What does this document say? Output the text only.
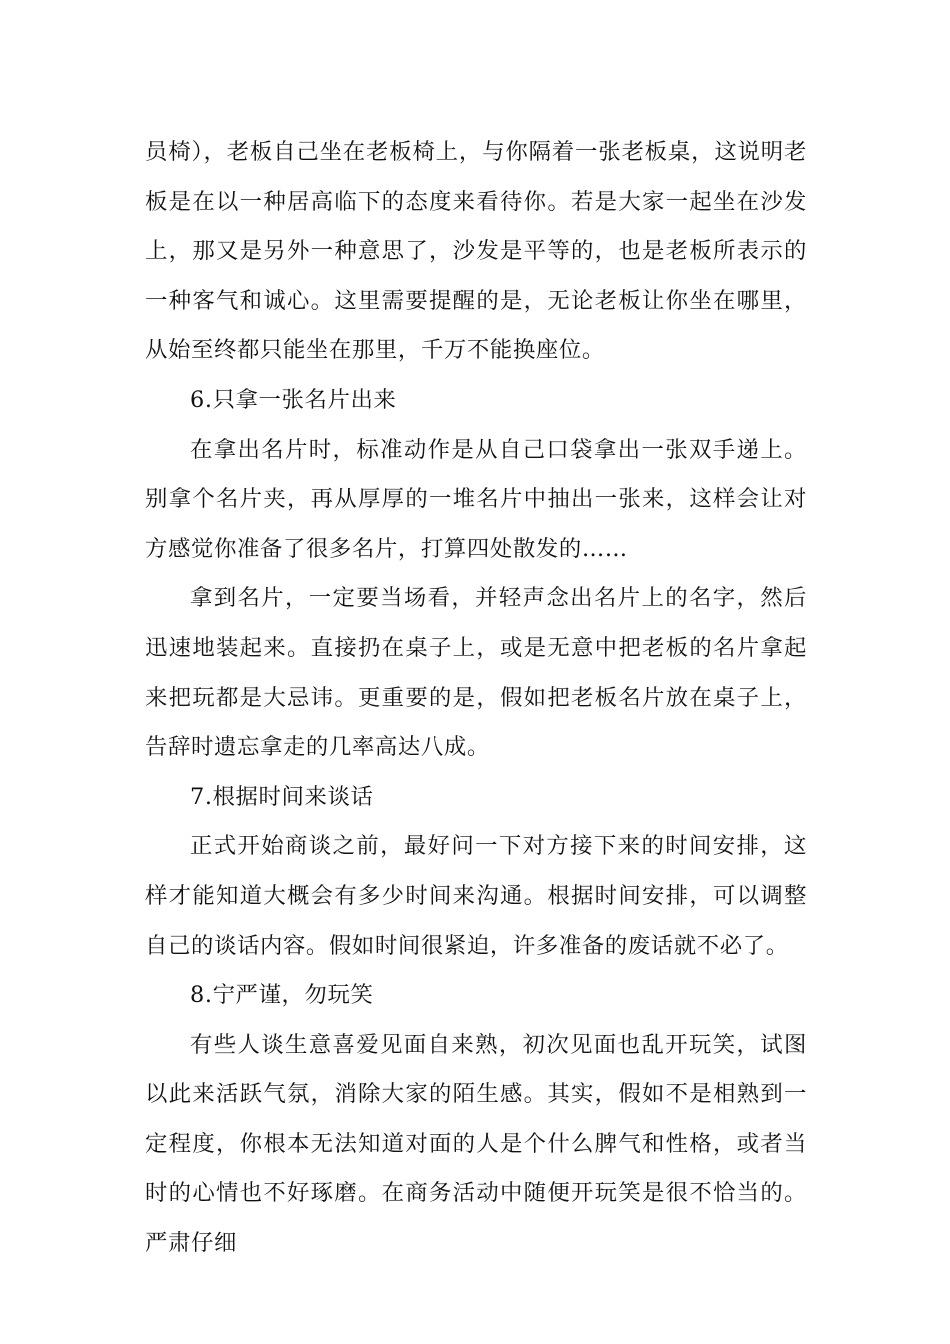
员椅），老板自己坐在老板椅上，与你隔着一张老板桌，这说明老板是在以一种居高临下的态度来看待你。若是大家一起坐在沙发上，那又是另外一种意思了，沙发是平等的，也是老板所表示的一种客气和诚心。这里需要提醒的是，无论老板让你坐在哪里，从始至终都只能坐在那里，千万不能换座位。

6.只拿一张名片出来

在拿出名片时，标准动作是从自己口袋拿出一张双手递上。别拿个名片夹，再从厚厚的一堆名片中抽出一张来，这样会让对方感觉你准备了很多名片，打算四处散发的……

拿到名片，一定要当场看，并轻声念出名片上的名字，然后迅速地装起来。直接扔在桌子上，或是无意中把老板的名片拿起来把玩都是大忌讳。更重要的是，假如把老板名片放在桌子上，告辞时遗忘拿走的几率高达八成。

7.根据时间来谈话

正式开始商谈之前，最好问一下对方接下来的时间安排，这样才能知道大概会有多少时间来沟通。根据时间安排，可以调整自己的谈话内容。假如时间很紧迫，许多准备的废话就不必了。

8.宁严谨，勿玩笑

有些人谈生意喜爱见面自来熟，初次见面也乱开玩笑，试图以此来活跃气氛，消除大家的陌生感。其实，假如不是相熟到一定程度，你根本无法知道对面的人是个什么脾气和性格，或者当时的心情也不好琢磨。在商务活动中随便开玩笑是很不恰当的。严肃仔细
